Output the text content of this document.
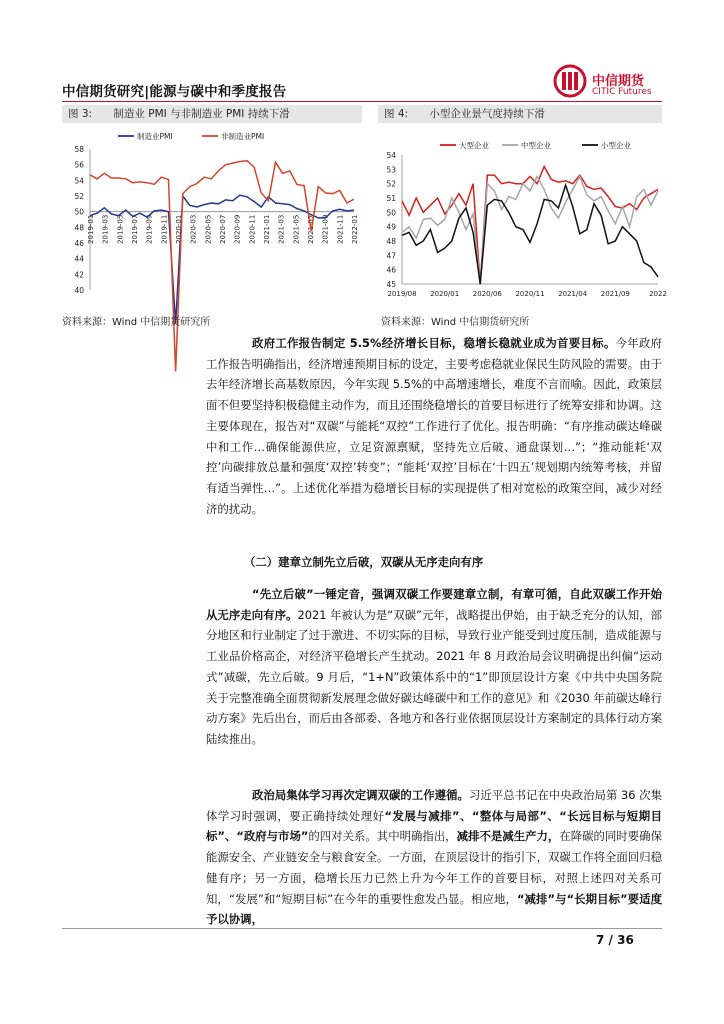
中信期货研究|能源与碳中和季度报告
中信期货
CITIC Futures
图 3: 制造业 PMI 与非制造业 PMI 持续下滑	图 4: 小型企业景气度持续下滑
40
42
44
46
48
50
52
54
56
58
2019-01 2019-03 2019-05 2019-07 2019-09 2019-11 2020-01 2020-03 2020-05 2020-07 2020-09 2020-11 2021-01 2021-03 2021-05 2021-07 2021-09 2021-11 2022-01
制造业PMI	非制造业PMI
45
46
47
48
49
50
51
52
53
54
2019/08 2020/01 2020/06 2020/11 2021/04 2021/09	2022
大型企业	中型企业	小型企业
资料来源：Wind 中信期货研究所	资料来源：Wind 中信期货研究所
政府工作报告制定 5.5%经济增长目标，稳增长稳就业成为首要目标。今年政府工作报告明确指出，经济增速预期目标的设定，主要考虑稳就业保民生防风险的需要。由于去年经济增长高基数原因，今年实现 5.5%的中高增速增长，难度不言而喻。因此，政策层面不但要坚持积极稳健主动作为，而且还围绕稳增长的首要目标进行了统筹安排和协调。这主要体现在，报告对“双碳”与能耗“双控”工作进行了优化。报告明确：“有序推动碳达峰碳中和工作…确保能源供应，立足资源禀赋，坚持先立后破、通盘谋划…”；“推动能耗‘双控’向碳排放总量和强度‘双控’转变”；“能耗‘双控’目标在‘十四五’规划期内统筹考核，并留有适当弹性…”。上述优化举措为稳增长目标的实现提供了相对宽松的政策空间，减少对经济的扰动。
（二）建章立制先立后破，双碳从无序走向有序
“先立后破”一锤定音，强调双碳工作要建章立制，有章可循，自此双碳工作开始从无序走向有序。2021 年被认为是“双碳”元年，战略提出伊始，由于缺乏充分的认知，部分地区和行业制定了过于激进、不切实际的目标，导致行业产能受到过度压制，造成能源与工业品价格高企，对经济平稳增长产生扰动。2021 年 8 月政治局会议明确提出纠偏“运动式”减碳，先立后破。9 月后，“1+N”政策体系中的“1”即顶层设计方案《中共中央国务院关于完整准确全面贯彻新发展理念做好碳达峰碳中和工作的意见》和《2030 年前碳达峰行动方案》先后出台，而后由各部委、各地方和各行业依据顶层设计方案制定的具体行动方案陆续推出。
政治局集体学习再次定调双碳的工作遵循。习近平总书记在中央政治局第 36 次集体学习时强调，要正确持续处理好“发展与减排”、“整体与局部”、“长远目标与短期目标”、“政府与市场”的四对关系。其中明确指出，减排不是减生产力，在降碳的同时要确保能源安全、产业链安全与粮食安全。一方面，在顶层设计的指引下，双碳工作将全面回归稳健有序；另一方面，稳增长压力已然上升为今年工作的首要目标，对照上述四对关系可知，“发展”和“短期目标”在今年的重要性愈发凸显。相应地，“减排”与“长期目标”要适度予以协调，
7 / 36
